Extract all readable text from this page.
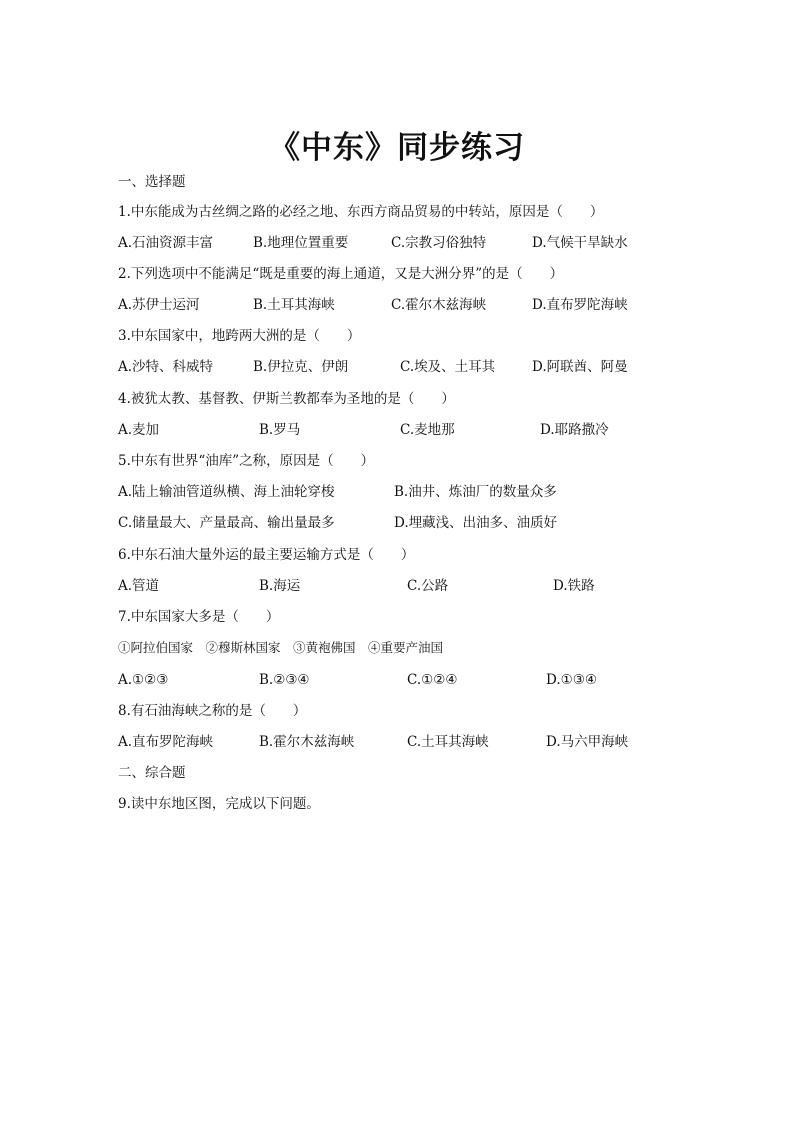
《中东》同步练习
一、选择题
1.中东能成为古丝绸之路的必经之地、东西方商品贸易的中转站，原因是（　　）
A.石油资源丰富	B.地理位置重要	C.宗教习俗独特	D.气候干旱缺水
2.下列选项中不能满足“既是重要的海上通道，又是大洲分界”的是（　　）
A.苏伊士运河	B.土耳其海峡	C.霍尔木兹海峡	D.直布罗陀海峡
3.中东国家中，地跨两大洲的是（　　）
A.沙特、科威特	B.伊拉克、伊朗	C.埃及、土耳其	D.阿联酋、阿曼
4.被犹太教、基督教、伊斯兰教都奉为圣地的是（　　）
A.麦加	B.罗马	C.麦地那	D.耶路撒冷
5.中东有世界“油库”之称，原因是（　　）
A.陆上输油管道纵横、海上油轮穿梭	B.油井、炼油厂的数量众多
C.储量最大、产量最高、输出量最多	D.埋藏浅、出油多、油质好
6.中东石油大量外运的最主要运输方式是（　　）
A.管道	B.海运	C.公路	D.铁路
7.中东国家大多是（　　）
①阿拉伯国家　②穆斯林国家　③黄袍佛国　④重要产油国
A.①②③	B.②③④	C.①②④	D.①③④
8.有石油海峡之称的是（　　）
A.直布罗陀海峡	B.霍尔木兹海峡	C.土耳其海峡	D.马六甲海峡
二、综合题
9.读中东地区图，完成以下问题。
